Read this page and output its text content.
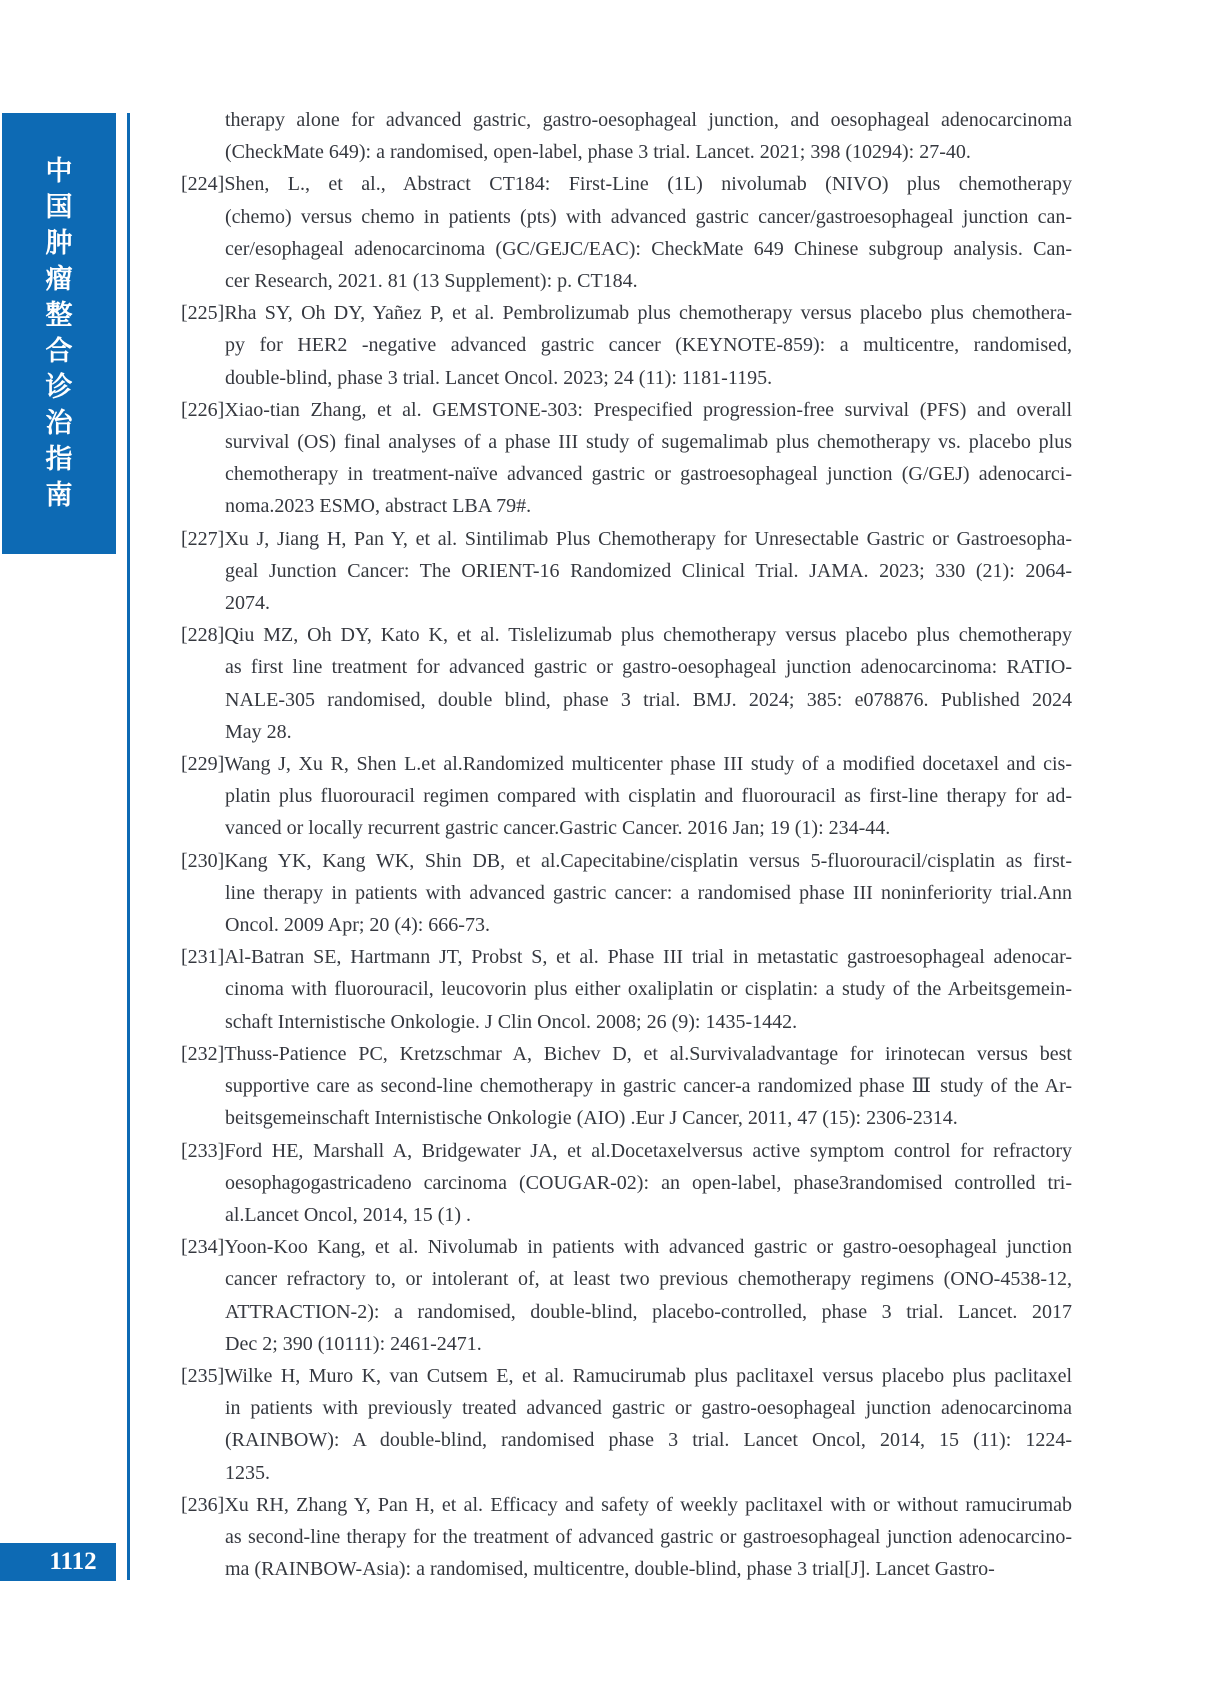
中
国
肿
瘤
整
合
诊
治
指
南
1112
therapy alone for advanced gastric, gastro-oesophageal junction, and oesophageal adenocarcinoma
(CheckMate 649): a randomised, open-label, phase 3 trial. Lancet. 2021; 398 (10294): 27-40.
[224]Shen, L., et al., Abstract CT184: First-Line (1L) nivolumab (NIVO) plus chemotherapy
(chemo) versus chemo in patients (pts) with advanced gastric cancer/gastroesophageal junction can-
cer/esophageal adenocarcinoma (GC/GEJC/EAC): CheckMate 649 Chinese subgroup analysis. Can-
cer Research, 2021. 81 (13 Supplement): p. CT184.
[225]Rha SY, Oh DY, Yañez P, et al. Pembrolizumab plus chemotherapy versus placebo plus chemothera-
py for HER2 -negative advanced gastric cancer (KEYNOTE-859): a multicentre, randomised,
double-blind, phase 3 trial. Lancet Oncol. 2023; 24 (11): 1181-1195.
[226]Xiao-tian Zhang, et al. GEMSTONE-303: Prespecified progression-free survival (PFS) and overall
survival (OS) final analyses of a phase III study of sugemalimab plus chemotherapy vs. placebo plus
chemotherapy in treatment-naïve advanced gastric or gastroesophageal junction (G/GEJ) adenocarci-
noma.2023 ESMO, abstract LBA 79#.
[227]Xu J, Jiang H, Pan Y, et al. Sintilimab Plus Chemotherapy for Unresectable Gastric or Gastroesopha-
geal Junction Cancer: The ORIENT-16 Randomized Clinical Trial. JAMA. 2023; 330 (21): 2064-
2074.
[228]Qiu MZ, Oh DY, Kato K, et al. Tislelizumab plus chemotherapy versus placebo plus chemotherapy
as first line treatment for advanced gastric or gastro-oesophageal junction adenocarcinoma: RATIO-
NALE-305 randomised, double blind, phase 3 trial. BMJ. 2024; 385: e078876. Published 2024
May 28.
[229]Wang J, Xu R, Shen L.et al.Randomized multicenter phase III study of a modified docetaxel and cis-
platin plus fluorouracil regimen compared with cisplatin and fluorouracil as first-line therapy for ad-
vanced or locally recurrent gastric cancer.Gastric Cancer. 2016 Jan; 19 (1): 234-44.
[230]Kang YK, Kang WK, Shin DB, et al.Capecitabine/cisplatin versus 5-fluorouracil/cisplatin as first-
line therapy in patients with advanced gastric cancer: a randomised phase III noninferiority trial.Ann
Oncol. 2009 Apr; 20 (4): 666-73.
[231]Al-Batran SE, Hartmann JT, Probst S, et al. Phase III trial in metastatic gastroesophageal adenocar-
cinoma with fluorouracil, leucovorin plus either oxaliplatin or cisplatin: a study of the Arbeitsgemein-
schaft Internistische Onkologie. J Clin Oncol. 2008; 26 (9): 1435-1442.
[232]Thuss-Patience PC, Kretzschmar A, Bichev D, et al.Survivaladvantage for irinotecan versus best
supportive care as second-line chemotherapy in gastric cancer-a randomized phase Ⅲ study of the Ar-
beitsgemeinschaft Internistische Onkologie (AIO) .Eur J Cancer, 2011, 47 (15): 2306-2314.
[233]Ford HE, Marshall A, Bridgewater JA, et al.Docetaxelversus active symptom control for refractory
oesophagogastricadeno carcinoma (COUGAR-02): an open-label, phase3randomised controlled tri-
al.Lancet Oncol, 2014, 15 (1) .
[234]Yoon-Koo Kang, et al. Nivolumab in patients with advanced gastric or gastro-oesophageal junction
cancer refractory to, or intolerant of, at least two previous chemotherapy regimens (ONO-4538-12,
ATTRACTION-2): a randomised, double-blind, placebo-controlled, phase 3 trial. Lancet. 2017
Dec 2; 390 (10111): 2461-2471.
[235]Wilke H, Muro K, van Cutsem E, et al. Ramucirumab plus paclitaxel versus placebo plus paclitaxel
in patients with previously treated advanced gastric or gastro-oesophageal junction adenocarcinoma
(RAINBOW): A double-blind, randomised phase 3 trial. Lancet Oncol, 2014, 15 (11): 1224-
1235.
[236]Xu RH, Zhang Y, Pan H, et al. Efficacy and safety of weekly paclitaxel with or without ramucirumab
as second-line therapy for the treatment of advanced gastric or gastroesophageal junction adenocarcino-
ma (RAINBOW-Asia): a randomised, multicentre, double-blind, phase 3 trial[J]. Lancet Gastro-
